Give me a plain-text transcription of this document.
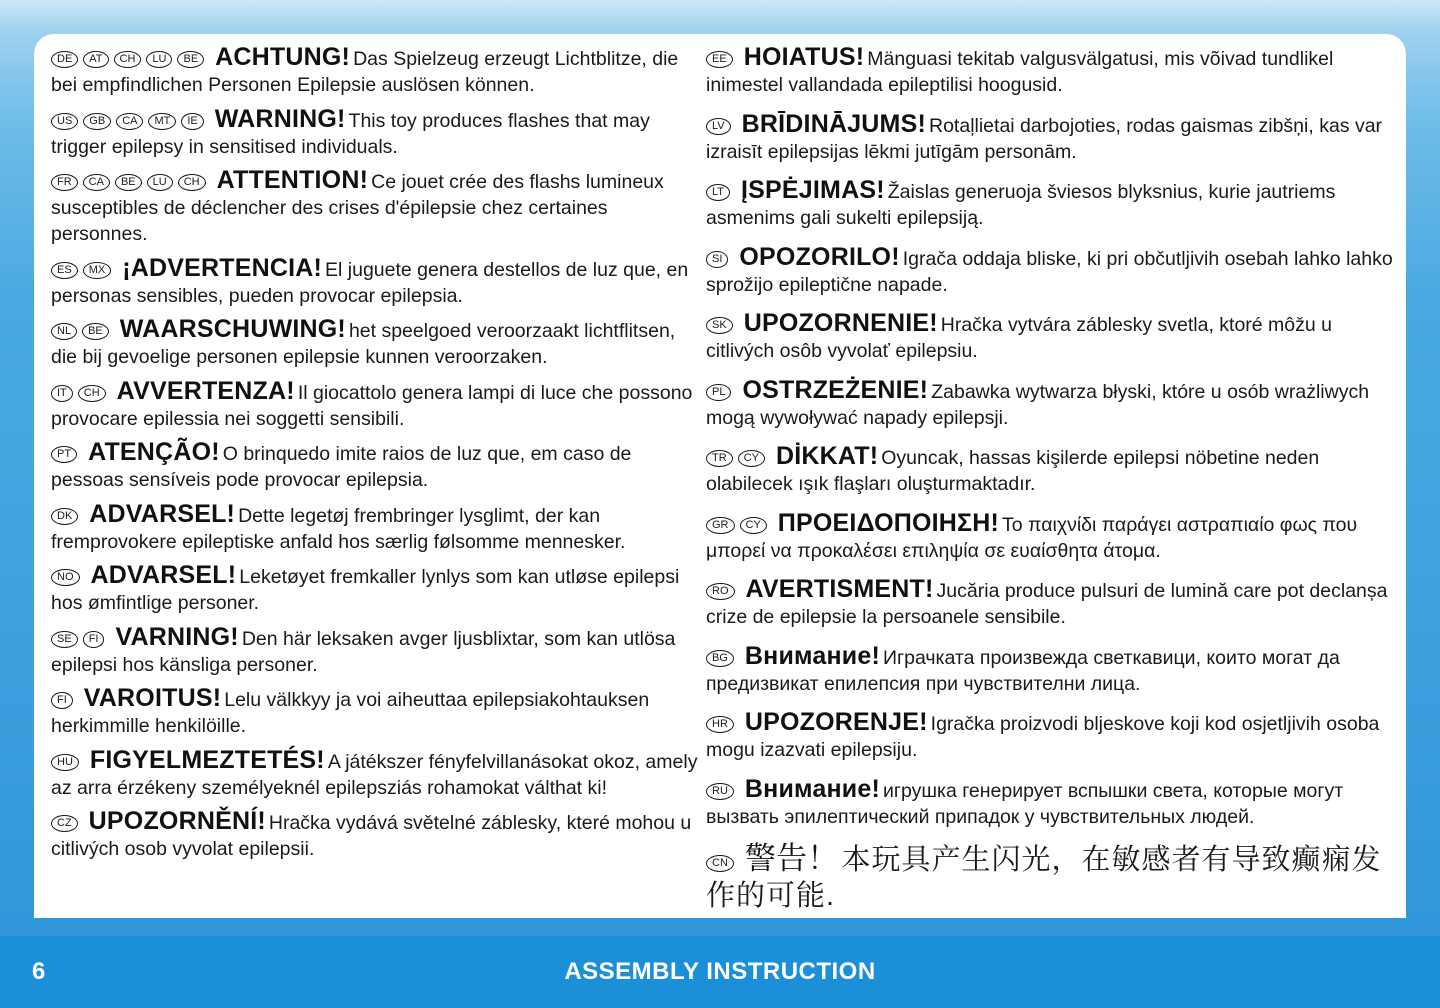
DE AT CH LU BE ACHTUNG! Das Spielzeug erzeugt Lichtblitze, die bei empfindlichen Personen Epilepsie auslösen können.
US GB CA MT IE WARNING! This toy produces flashes that may trigger epilepsy in sensitised individuals.
FR CA BE LU CH ATTENTION! Ce jouet crée des flashs lumineux susceptibles de déclencher des crises d'épilepsie chez certaines personnes.
ES MX ¡ADVERTENCIA! El juguete genera destellos de luz que, en personas sensibles, pueden provocar epilepsia.
NL BE WAARSCHUWING! het speelgoed veroorzaakt lichtflitsen, die bij gevoelige personen epilepsie kunnen veroorzaken.
IT CH AVVERTENZA! Il giocattolo genera lampi di luce che possono provocare epilessia nei soggetti sensibili.
PT ATENÇÃO! O brinquedo imite raios de luz que, em caso de pessoas sensíveis pode provocar epilepsia.
DK ADVARSEL! Dette legetøj frembringer lysglimt, der kan fremprovokere epileptiske anfald hos særlig følsomme mennesker.
NO ADVARSEL! Leketøyet fremkaller lynlys som kan utløse epilepsi hos ømfintlige personer.
SE FI VARNING! Den här leksaken avger ljusblixtar, som kan utlösa epilepsi hos känsliga personer.
FI VAROITUS! Lelu välkkyy ja voi aiheuttaa epilepsiakohtauksen herkimmille henkilöille.
HU FIGYELMEZTETÉS! A játékszer fényfelvillanásokat okoz, amely az arra érzékeny személyeknél epilepsziás rohamokat válthat ki!
CZ UPOZORNĚNÍ! Hračka vydává světelné záblesky, které mohou u citlivých osob vyvolat epilepsii.
EE HOIATUS! Mänguasi tekitab valgusvälgatusi, mis võivad tundlikel inimestel vallandada epileptilisi hoogusid.
LV BRĪDINĀJUMS! Rotaļlietai darbojoties, rodas gaismas zibšņi, kas var izraisīt epilepsijas lēkmi jutīgām personām.
LT ĮSPĖJIMAS! Žaislas generuoja šviesos blyksnius, kurie jautriems asmenims gali sukelti epilepsiją.
SI OPOZORILO! Igrača oddaja bliske, ki pri občutljivih osebah lahko lahko sprožijo epileptične napade.
SK UPOZORNENIE! Hračka vytvára záblesky svetla, ktoré môžu u citlivých osôb vyvolať epilepsiu.
PL OSTRZEŻENIE! Zabawka wytwarza błyski, które u osób wrażliwych mogą wywoływać napady epilepsji.
TR CY DİKKAT! Oyuncak, hassas kişilerde epilepsi nöbetine neden olabilecek ışık flaşları oluşturmaktadır.
GR CY ΠΡΟΕΙΔΟΠΟΙΗΣΗ! Το παιχνίδι παράγει αστραπιαίο φως που μπορεί να προκαλέσει επιληψία σε ευαίσθητα άτομα.
RO AVERTISMENT! Jucăria produce pulsuri de lumină care pot declanșa crize de epilepsie la persoanele sensibile.
BG Внимание! Играчката произвежда светкавици, които могат да предизвикат епилепсия при чувствителни лица.
HR UPOZORENJE! Igračka proizvodi bljeskove koji kod osjetljivih osoba mogu izazvati epilepsiju.
RU Внимание! игрушка генерирует вспышки света, которые могут вызвать эпилептический припадок у чувствительных людей.
CN 警告！ 本玩具产生闪光，在敏感者有导致癫痫发作的可能.
6	ASSEMBLY INSTRUCTION
